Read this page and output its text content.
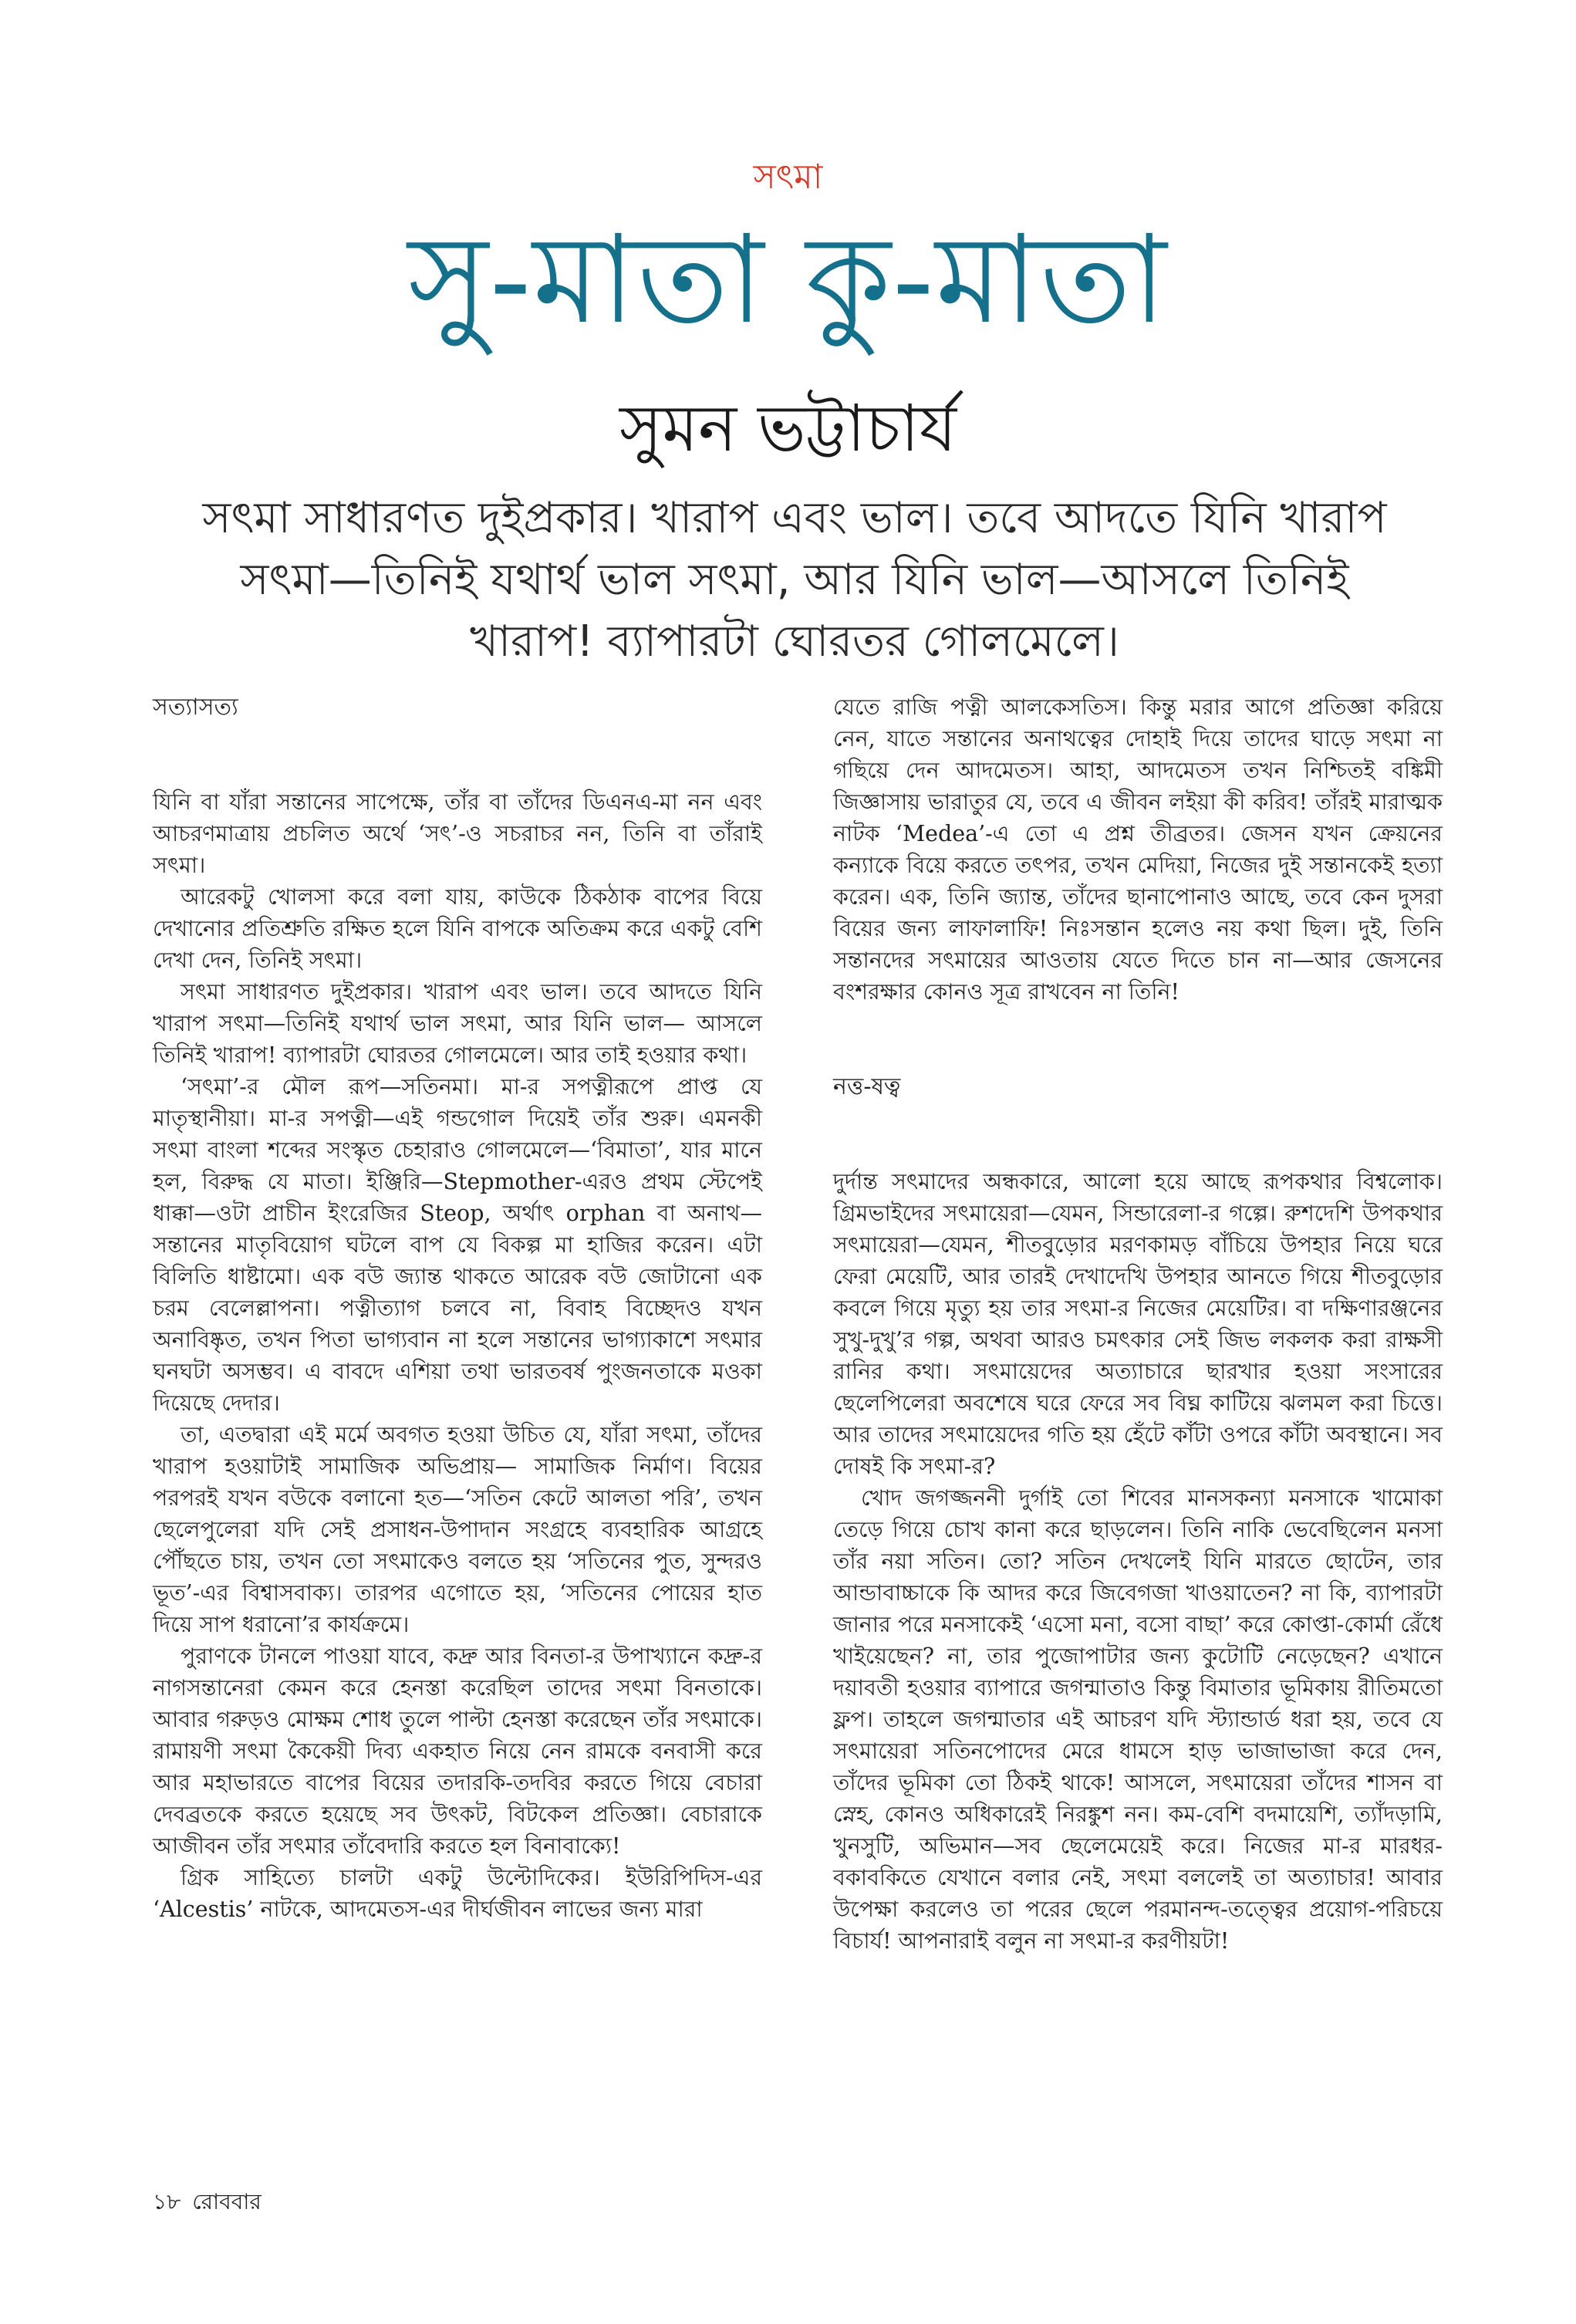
সৎমা
সু-মাতা কু-মাতা
সুমন ভট্টাচার্য
সৎমা সাধারণত দুইপ্রকার। খারাপ এবং ভাল। তবে আদতে যিনি খারাপ সৎমা—তিনিই যথার্থ ভাল সৎমা, আর যিনি ভাল—আসলে তিনিই খারাপ! ব্যাপারটা ঘোরতর গোলমেলে।

সত্যাসত্য

যিনি বা যাঁরা সন্তানের সাপেক্ষে, তাঁর বা তাঁদের ডিএনএ-মা নন এবং আচরণমাত্রায় প্রচলিত অর্থে ‘সৎ’-ও সচরাচর নন, তিনি বা তাঁরাই সৎমা।

আরেকটু খোলসা করে বলা যায়, কাউকে ঠিকঠাক বাপের বিয়ে দেখানোর প্রতিশ্রুতি রক্ষিত হলে যিনি বাপকে অতিক্রম করে একটু বেশি দেখা দেন, তিনিই সৎমা।

সৎমা সাধারণত দুইপ্রকার। খারাপ এবং ভাল। তবে আদতে যিনি খারাপ সৎমা—তিনিই যথার্থ ভাল সৎমা, আর যিনি ভাল— আসলে তিনিই খারাপ! ব্যাপারটা ঘোরতর গোলমেলে। আর তাই হওয়ার কথা।

‘সৎমা’-র মৌল রূপ—সতিনমা। মা-র সপত্নীরূপে প্রাপ্ত যে মাতৃস্থানীয়া। মা-র সপত্নী—এই গন্ডগোল দিয়েই তাঁর শুরু। এমনকী সৎমা বাংলা শব্দের সংস্কৃত চেহারাও গোলমেলে—‘বিমাতা’, যার মানে হল, বিরুদ্ধ যে মাতা। ইঞ্জিরি—Stepmother-এরও প্রথম স্টেপেই ধাক্কা—ওটা প্রাচীন ইংরেজির Steop, অর্থাৎ orphan বা অনাথ—সন্তানের মাতৃবিয়োগ ঘটলে বাপ যে বিকল্প মা হাজির করেন। এটা বিলিতি ধাষ্টামো। এক বউ জ্যান্ত থাকতে আরেক বউ জোটানো এক চরম বেলেল্লাপনা। পত্নীত্যাগ চলবে না, বিবাহ বিচ্ছেদও যখন অনাবিষ্কৃত, তখন পিতা ভাগ্যবান না হলে সন্তানের ভাগ্যাকাশে সৎমার ঘনঘটা অসম্ভব। এ বাবদে এশিয়া তথা ভারতবর্ষ পুংজনতাকে মওকা দিয়েছে দেদার।

তা, এতদ্বারা এই মর্মে অবগত হওয়া উচিত যে, যাঁরা সৎমা, তাঁদের খারাপ হওয়াটাই সামাজিক অভিপ্রায়— সামাজিক নির্মাণ। বিয়ের পরপরই যখন বউকে বলানো হত—‘সতিন কেটে আলতা পরি’, তখন ছেলেপুলেরা যদি সেই প্রসাধন-উপাদান সংগ্রহে ব্যবহারিক আগ্রহে পৌঁছতে চায়, তখন তো সৎমাকেও বলতে হয় ‘সতিনের পুত, সুন্দরও ভূত’-এর বিশ্বাসবাক্য। তারপর এগোতে হয়, ‘সতিনের পোয়ের হাত দিয়ে সাপ ধরানো’র কার্যক্রমে।

পুরাণকে টানলে পাওয়া যাবে, কদ্রু আর বিনতা-র উপাখ্যানে কদ্রু-র নাগসন্তানেরা কেমন করে হেনস্তা করেছিল তাদের সৎমা বিনতাকে। আবার গরুড়ও মোক্ষম শোধ তুলে পাল্টা হেনস্তা করেছেন তাঁর সৎমাকে। রামায়ণী সৎমা কৈকেয়ী দিব্য একহাত নিয়ে নেন রামকে বনবাসী করে আর মহাভারতে বাপের বিয়ের তদারকি-তদবির করতে গিয়ে বেচারা দেবব্রতকে করতে হয়েছে সব উৎকট, বিটকেল প্রতিজ্ঞা। বেচারাকে আজীবন তাঁর সৎমার তাঁবেদারি করতে হল বিনাবাক্যে!

গ্রিক সাহিত্যে চালটা একটু উল্টোদিকের। ইউরিপিদিস-এর ‘Alcestis’ নাটকে, আদমেতস-এর দীর্ঘজীবন লাভের জন্য মারা

যেতে রাজি পত্নী আলকেসতিস। কিন্তু মরার আগে প্রতিজ্ঞা করিয়ে নেন, যাতে সন্তানের অনাথত্বের দোহাই দিয়ে তাদের ঘাড়ে সৎমা না গছিয়ে দেন আদমেতস। আহা, আদমেতস তখন নিশ্চিতই বঙ্কিমী জিজ্ঞাসায় ভারাতুর যে, তবে এ জীবন লইয়া কী করিব! তাঁরই মারাত্মক নাটক ‘Medea’-এ তো এ প্রশ্ন তীব্রতর। জেসন যখন ক্রেয়নের কন্যাকে বিয়ে করতে তৎপর, তখন মেদিয়া, নিজের দুই সন্তানকেই হত্যা করেন। এক, তিনি জ্যান্ত, তাঁদের ছানাপোনাও আছে, তবে কেন দুসরা বিয়ের জন্য লাফালাফি! নিঃসন্তান হলেও নয় কথা ছিল। দুই, তিনি সন্তানদের সৎমায়ের আওতায় যেতে দিতে চান না—আর জেসনের বংশরক্ষার কোনও সূত্র রাখবেন না তিনি!

নত্ত-ষত্ব

দুর্দান্ত সৎমাদের অন্ধকারে, আলো হয়ে আছে রূপকথার বিশ্বলোক। গ্রিমভাইদের সৎমায়েরা—যেমন, সিন্ডারেলা-র গল্পে। রুশদেশি উপকথার সৎমায়েরা—যেমন, শীতবুড়োর মরণকামড় বাঁচিয়ে উপহার নিয়ে ঘরে ফেরা মেয়েটি, আর তারই দেখাদেখি উপহার আনতে গিয়ে শীতবুড়োর কবলে গিয়ে মৃত্যু হয় তার সৎমা-র নিজের মেয়েটির। বা দক্ষিণারঞ্জনের সুখু-দুখু’র গল্প, অথবা আরও চমৎকার সেই জিভ লকলক করা রাক্ষসী রানির কথা। সৎমায়েদের অত্যাচারে ছারখার হওয়া সংসারের ছেলেপিলেরা অবশেষে ঘরে ফেরে সব বিঘ্ন কাটিয়ে ঝলমল করা চিত্তে। আর তাদের সৎমায়েদের গতি হয় হেঁটে কাঁটা ওপরে কাঁটা অবস্থানে। সব দোষই কি সৎমা-র?

খোদ জগজ্জননী দুর্গাই তো শিবের মানসকন্যা মনসাকে খামোকা তেড়ে গিয়ে চোখ কানা করে ছাড়লেন। তিনি নাকি ভেবেছিলেন মনসা তাঁর নয়া সতিন। তো? সতিন দেখলেই যিনি মারতে ছোটেন, তার আন্ডাবাচ্চাকে কি আদর করে জিবেগজা খাওয়াতেন? না কি, ব্যাপারটা জানার পরে মনসাকেই ‘এসো মনা, বসো বাছা’ করে কোপ্তা-কোর্মা রেঁধে খাইয়েছেন? না, তার পুজোপাটার জন্য কুটোটি নেড়েছেন? এখানে দয়াবতী হওয়ার ব্যাপারে জগন্মাতাও কিন্তু বিমাতার ভূমিকায় রীতিমতো ফ্লপ। তাহলে জগন্মাতার এই আচরণ যদি স্ট্যান্ডার্ড ধরা হয়, তবে যে সৎমায়েরা সতিনপোদের মেরে ধামসে হাড় ভাজাভাজা করে দেন, তাঁদের ভূমিকা তো ঠিকই থাকে! আসলে, সৎমায়েরা তাঁদের শাসন বা স্নেহ, কোনও অধিকারেই নিরঙ্কুশ নন। কম-বেশি বদমায়েশি, ত্যাঁদড়ামি, খুনসুটি, অভিমান—সব ছেলেমেয়েই করে। নিজের মা-র মারধর-বকাবকিতে যেখানে বলার নেই, সৎমা বললেই তা অত্যাচার! আবার উপেক্ষা করলেও তা পরের ছেলে পরমানন্দ-তত্ত্বের প্রয়োগ-পরিচয়ে বিচার্য! আপনারাই বলুন না সৎমা-র করণীয়টা!

১৮ রোববার
